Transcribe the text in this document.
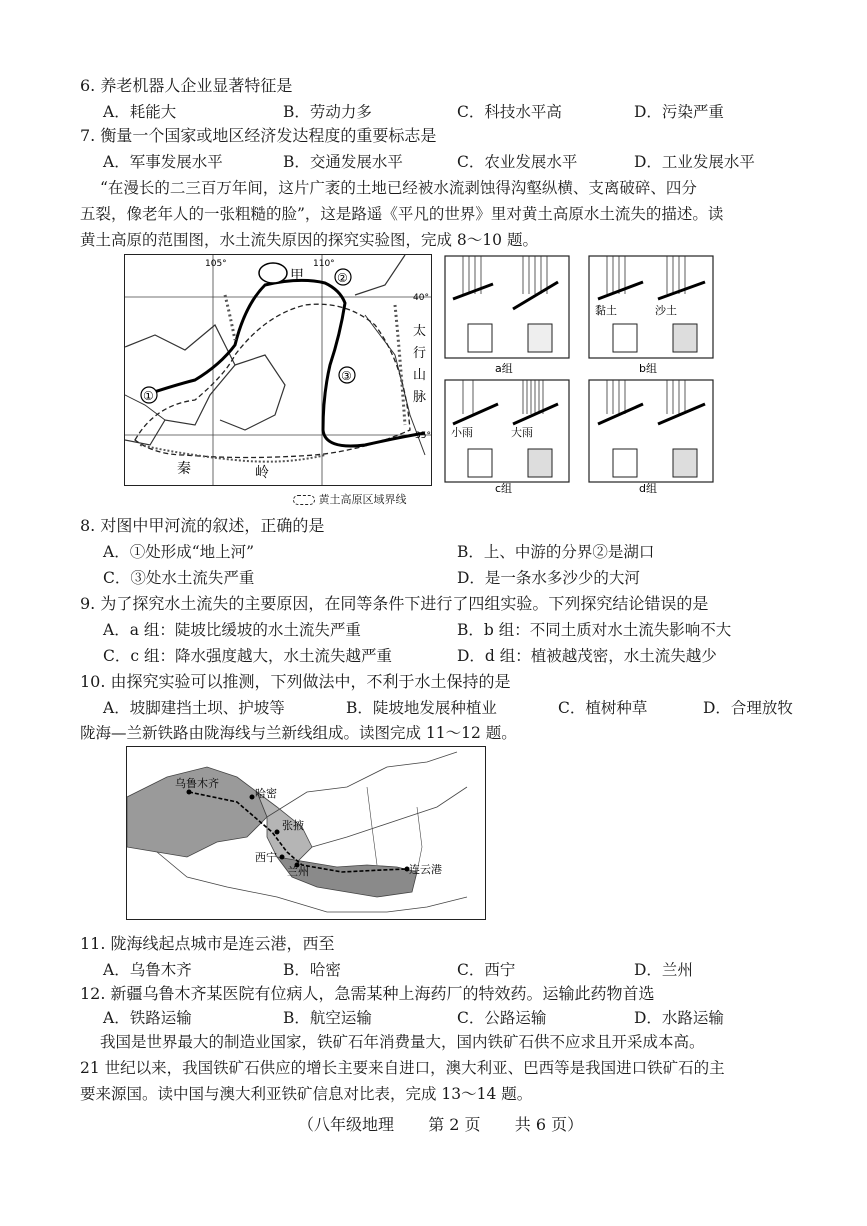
6. 养老机器人企业显著特征是
A．耗能大	B．劳动力多	C．科技水平高	D．污染严重
7. 衡量一个国家或地区经济发达程度的重要标志是
A．军事发展水平	B．交通发展水平	C．农业发展水平	D．工业发展水平
“在漫长的二三百万年间，这片广袤的土地已经被水流剥蚀得沟壑纵横、支离破碎、四分
五裂，像老年人的一张粗糙的脸”，这是路遥《平凡的世界》里对黄土高原水土流失的描述。读
黄土高原的范围图，水土流失原因的探究实验图，完成 8～10 题。
105°	110°
40°
35°
甲	②
①
③
太
行
山
脉
秦	岭
黄土高原区域界线
a组	b组
c组	d组
黏土	沙土
小雨	大雨
8. 对图中甲河流的叙述，正确的是
A．①处形成“地上河”	B．上、中游的分界②是湖口
C．③处水土流失严重	D．是一条水多沙少的大河
9. 为了探究水土流失的主要原因，在同等条件下进行了四组实验。下列探究结论错误的是
A．a 组：陡坡比缓坡的水土流失严重	B．b 组：不同土质对水土流失影响不大
C．c 组：降水强度越大，水土流失越严重	D．d 组：植被越茂密，水土流失越少
10. 由探究实验可以推测，下列做法中，不利于水土保持的是
A．坡脚建挡土坝、护坡等	B．陡坡地发展种植业	C．植树种草	D．合理放牧
陇海—兰新铁路由陇海线与兰新线组成。读图完成 11～12 题。
乌鲁木齐
哈密
张掖
西宁
兰州	连云港
11. 陇海线起点城市是连云港，西至
A．乌鲁木齐	B．哈密	C．西宁	D．兰州
12. 新疆乌鲁木齐某医院有位病人，急需某种上海药厂的特效药。运输此药物首选
A．铁路运输	B．航空运输	C．公路运输	D．水路运输
我国是世界最大的制造业国家，铁矿石年消费量大，国内铁矿石供不应求且开采成本高。
21 世纪以来，我国铁矿石供应的增长主要来自进口，澳大利亚、巴西等是我国进口铁矿石的主
要来源国。读中国与澳大利亚铁矿信息对比表，完成 13～14 题。
（八年级地理 第 2 页 共 6 页）
